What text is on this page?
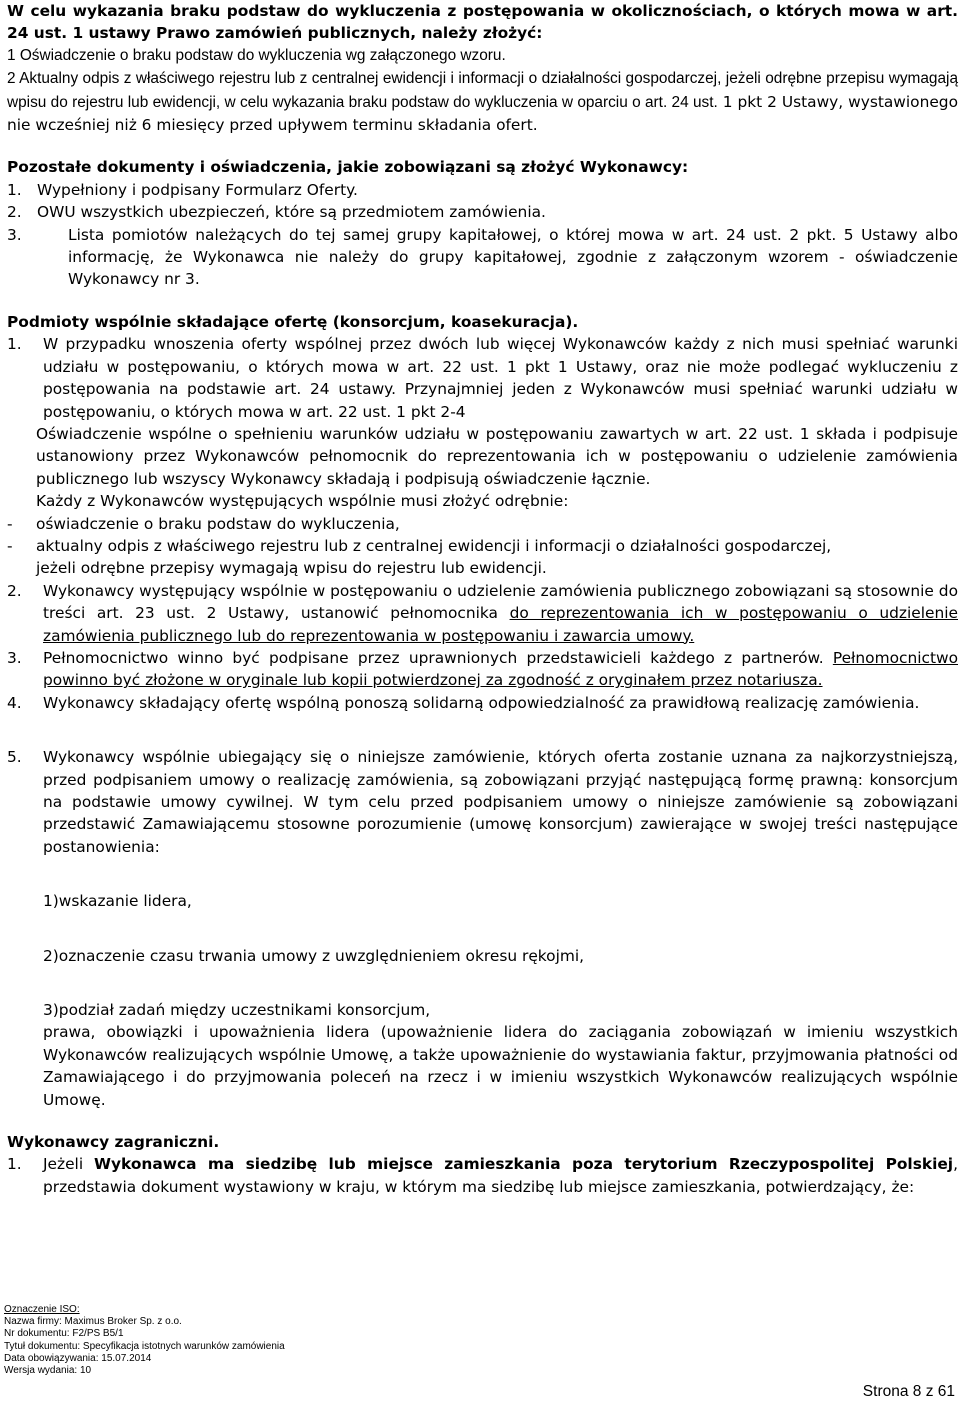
W celu wykazania braku podstaw do wykluczenia z postępowania w okolicznościach, o których mowa w art. 24 ust. 1 ustawy Prawo zamówień publicznych, należy złożyć:

1 Oświadczenie o braku podstaw do wykluczenia wg załączonego wzoru.

2 Aktualny odpis z właściwego rejestru lub z centralnej ewidencji i informacji o działalności gospodarczej, jeżeli odrębne przepisu wymagają wpisu do rejestru lub ewidencji, w celu wykazania braku podstaw do wykluczenia w oparciu o art. 24 ust. 1 pkt 2 Ustawy, wystawionego nie wcześniej niż 6 miesięcy przed upływem terminu składania ofert.

Pozostałe dokumenty i oświadczenia, jakie zobowiązani są złożyć Wykonawcy:

1. Wypełniony i podpisany Formularz Oferty.
2. OWU wszystkich ubezpieczeń, które są przedmiotem zamówienia.
3.	Lista pomiotów należących do tej samej grupy kapitałowej, o której mowa w art. 24 ust. 2 pkt. 5 Ustawy albo informację, że Wykonawca nie należy do grupy kapitałowej, zgodnie z załączonym wzorem - oświadczenie Wykonawcy nr 3.

Podmioty wspólnie składające ofertę (konsorcjum, koasekuracja).

1.	W przypadku wnoszenia oferty wspólnej przez dwóch lub więcej Wykonawców każdy z nich musi spełniać warunki udziału w postępowaniu, o których mowa w art. 22 ust. 1 pkt 1 Ustawy, oraz nie może podlegać wykluczeniu z postępowania na podstawie art. 24 ustawy. Przynajmniej jeden z Wykonawców musi spełniać warunki udziału w postępowaniu, o których mowa w art. 22 ust. 1 pkt 2-4

Oświadczenie wspólne o spełnieniu warunków udziału w postępowaniu zawartych w art. 22 ust. 1 składa i podpisuje ustanowiony przez Wykonawców pełnomocnik do reprezentowania ich w postępowaniu o udzielenie zamówienia publicznego lub wszyscy Wykonawcy składają i podpisują oświadczenie łącznie.

Każdy z Wykonawców występujących wspólnie musi złożyć odrębnie:

-	oświadczenie o braku podstaw do wykluczenia,
-	aktualny odpis z właściwego rejestru lub z centralnej ewidencji i informacji o działalności gospodarczej,

jeżeli odrębne przepisy wymagają wpisu do rejestru lub ewidencji.

2.	Wykonawcy występujący wspólnie w postępowaniu o udzielenie zamówienia publicznego zobowiązani są stosownie do treści art. 23 ust. 2 Ustawy, ustanowić pełnomocnika do reprezentowania ich w postępowaniu o udzielenie zamówienia publicznego lub do reprezentowania w postępowaniu i zawarcia umowy.
3.	Pełnomocnictwo winno być podpisane przez uprawnionych przedstawicieli każdego z partnerów. Pełnomocnictwo powinno być złożone w oryginale lub kopii potwierdzonej za zgodność z oryginałem przez notariusza.
4.	Wykonawcy składający ofertę wspólną ponoszą solidarną odpowiedzialność za prawidłową realizację zamówienia.
5.	Wykonawcy wspólnie ubiegający się o niniejsze zamówienie, których oferta zostanie uznana za najkorzystniejszą, przed podpisaniem umowy o realizację zamówienia, są zobowiązani przyjąć następującą formę prawną: konsorcjum na podstawie umowy cywilnej. W tym celu przed podpisaniem umowy o niniejsze zamówienie są zobowiązani przedstawić Zamawiającemu stosowne porozumienie (umowę konsorcjum) zawierające w swojej treści następujące postanowienia:

1)wskazanie lidera,

2)oznaczenie czasu trwania umowy z uwzględnieniem okresu rękojmi,

3)podział zadań między uczestnikami konsorcjum,

prawa, obowiązki i upoważnienia lidera (upoważnienie lidera do zaciągania zobowiązań w imieniu wszystkich Wykonawców realizujących wspólnie Umowę, a także upoważnienie do wystawiania faktur, przyjmowania płatności od Zamawiającego i do przyjmowania poleceń na rzecz i w imieniu wszystkich Wykonawców realizujących wspólnie Umowę.

Wykonawcy zagraniczni.

1.	Jeżeli Wykonawca ma siedzibę lub miejsce zamieszkania poza terytorium Rzeczypospolitej Polskiej, przedstawia dokument wystawiony w kraju, w którym ma siedzibę lub miejsce zamieszkania, potwierdzający, że:
Oznaczenie ISO:
Nazwa firmy: Maximus Broker Sp. z o.o.
Nr dokumentu: F2/PS B5/1
Tytuł dokumentu: Specyfikacja istotnych warunków zamówienia
Data obowiązywania: 15.07.2014
Wersja wydania: 10
Strona 8 z 61
